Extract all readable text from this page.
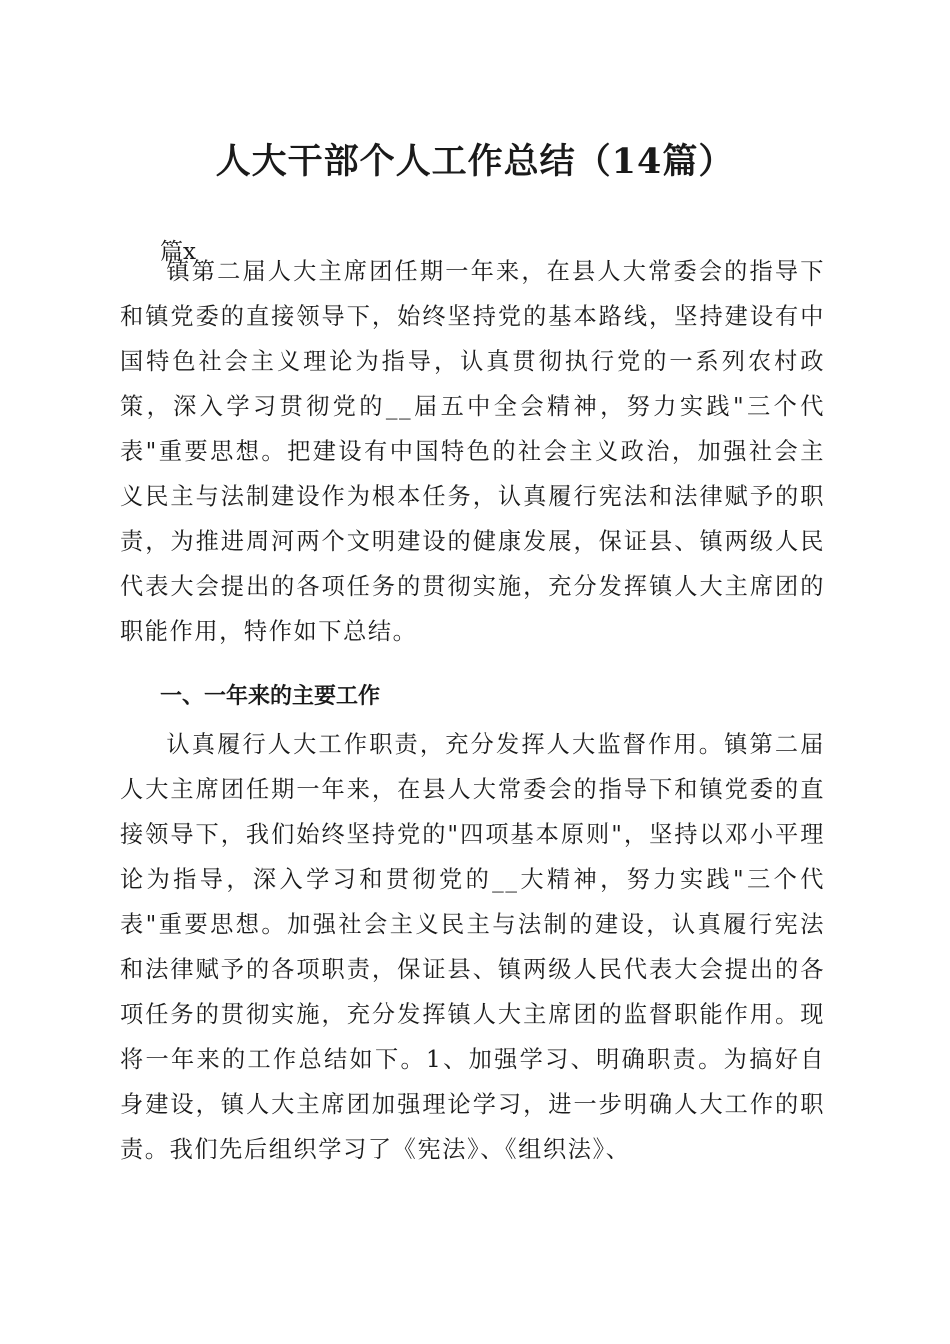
人大干部个人工作总结（14篇）

篇x

镇第二届人大主席团任期一年来，在县人大常委会的指导下和镇党委的直接领导下，始终坚持党的基本路线，坚持建设有中国特色社会主义理论为指导，认真贯彻执行党的一系列农村政策，深入学习贯彻党的__届五中全会精神，努力实践"三个代表"重要思想。把建设有中国特色的社会主义政治，加强社会主义民主与法制建设作为根本任务，认真履行宪法和法律赋予的职责，为推进周河两个文明建设的健康发展，保证县、镇两级人民代表大会提出的各项任务的贯彻实施，充分发挥镇人大主席团的职能作用，特作如下总结。

一、一年来的主要工作

认真履行人大工作职责，充分发挥人大监督作用。镇第二届人大主席团任期一年来，在县人大常委会的指导下和镇党委的直接领导下，我们始终坚持党的"四项基本原则"，坚持以邓小平理论为指导，深入学习和贯彻党的__大精神，努力实践"三个代表"重要思想。加强社会主义民主与法制的建设，认真履行宪法和法律赋予的各项职责，保证县、镇两级人民代表大会提出的各项任务的贯彻实施，充分发挥镇人大主席团的监督职能作用。现将一年来的工作总结如下。1、加强学习、明确职责。为搞好自身建设，镇人大主席团加强理论学习，进一步明确人大工作的职责。我们先后组织学习了《宪法》、《组织法》、
